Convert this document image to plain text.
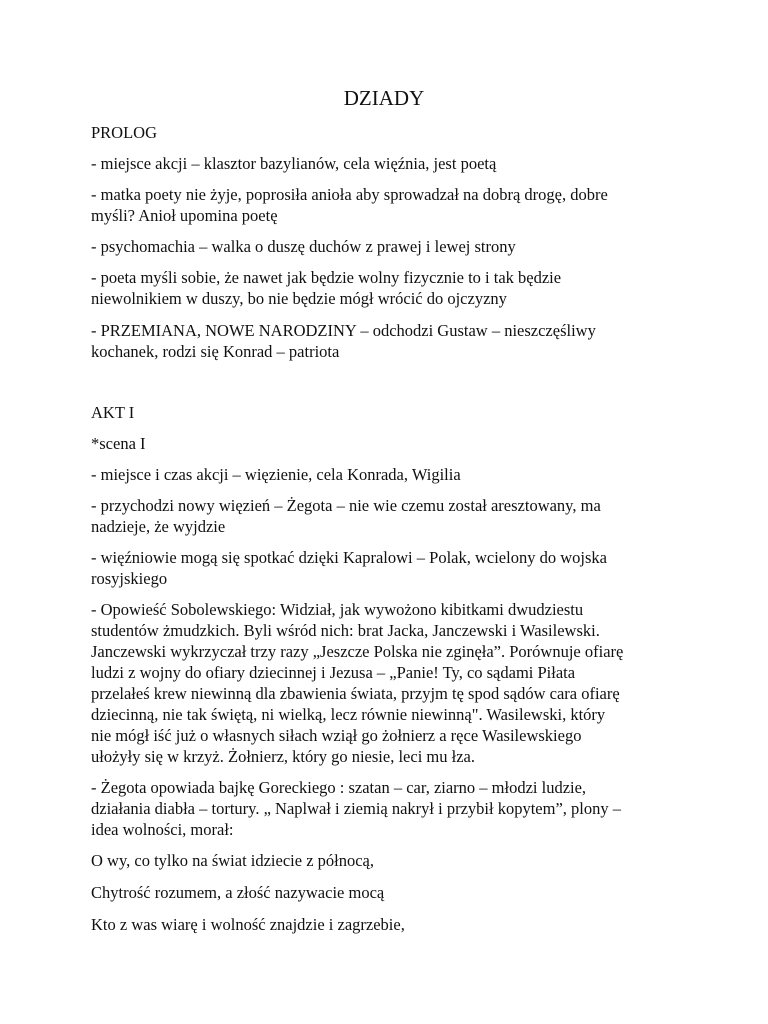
DZIADY
PROLOG
- miejsce akcji – klasztor bazylianów, cela więźnia, jest poetą
- matka poety nie żyje, poprosiła anioła aby sprowadzał na dobrą drogę, dobre
myśli? Anioł upomina poetę
- psychomachia – walka o duszę duchów z prawej i lewej strony
- poeta myśli sobie, że nawet jak będzie wolny fizycznie to i tak będzie
niewolnikiem w duszy, bo nie będzie mógł wrócić do ojczyzny
- PRZEMIANA, NOWE NARODZINY – odchodzi Gustaw – nieszczęśliwy
kochanek, rodzi się Konrad – patriota
AKT I
*scena I
- miejsce i czas akcji – więzienie, cela Konrada, Wigilia
- przychodzi nowy więzień – Żegota – nie wie czemu został aresztowany, ma
nadzieje, że wyjdzie
- więźniowie mogą się spotkać dzięki Kapralowi – Polak, wcielony do wojska
rosyjskiego
- Opowieść Sobolewskiego: Widział, jak wywożono kibitkami dwudziestu
studentów żmudzkich. Byli wśród nich: brat Jacka, Janczewski i Wasilewski.
Janczewski wykrzyczał trzy razy „Jeszcze Polska nie zginęła”. Porównuje ofiarę
ludzi z wojny do ofiary dziecinnej i Jezusa – „Panie! Ty, co sądami Piłata
przelałeś krew niewinną dla zbawienia świata, przyjm tę spod sądów cara ofiarę
dziecinną, nie tak świętą, ni wielką, lecz równie niewinną". Wasilewski, który
nie mógł iść już o własnych siłach wziął go żołnierz a ręce Wasilewskiego
ułożyły się w krzyż. Żołnierz, który go niesie, leci mu łza.
- Żegota opowiada bajkę Goreckiego : szatan – car, ziarno – młodzi ludzie,
działania diabła – tortury. „ Naplwał i ziemią nakrył i przybił kopytem”, plony –
idea wolności, morał:
O wy, co tylko na świat idziecie z północą,
Chytrość rozumem, a złość nazywacie mocą
Kto z was wiarę i wolność znajdzie i zagrzebie,
